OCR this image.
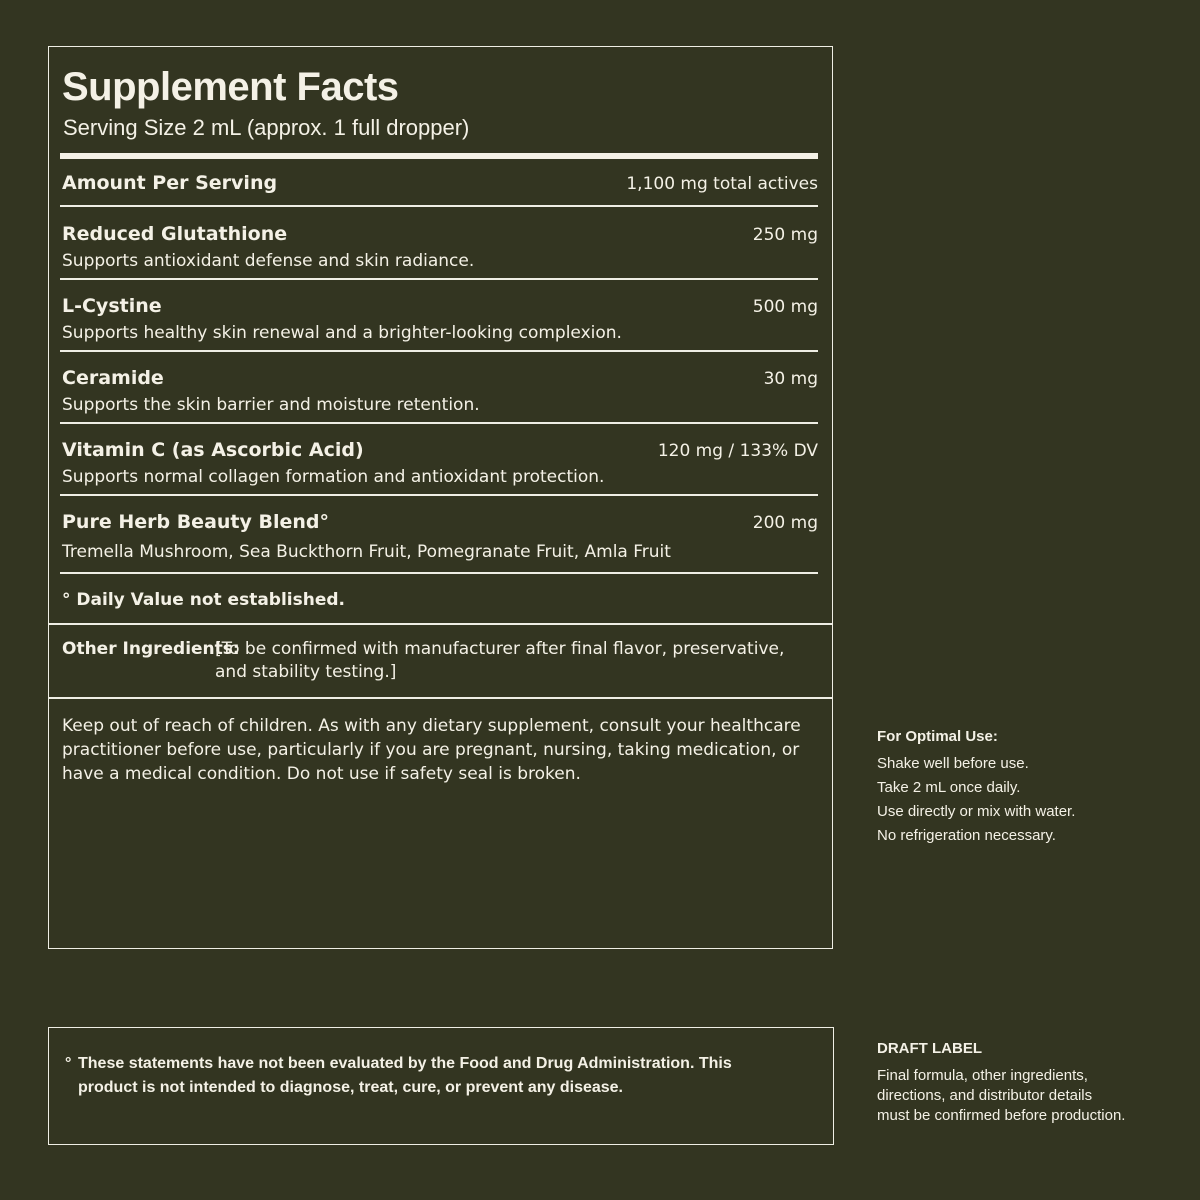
Supplement Facts
Serving Size 2 mL (approx. 1 full dropper)
Amount Per Serving	1,100 mg total actives
Reduced Glutathione	250 mg
Supports antioxidant defense and skin radiance.
L-Cystine	500 mg
Supports healthy skin renewal and a brighter-looking complexion.
Ceramide	30 mg
Supports the skin barrier and moisture retention.
Vitamin C (as Ascorbic Acid)	120 mg / 133% DV
Supports normal collagen formation and antioxidant protection.
Pure Herb Beauty Blend°	200 mg
Tremella Mushroom, Sea Buckthorn Fruit, Pomegranate Fruit, Amla Fruit
° Daily Value not established.
Other Ingredients:
[To be confirmed with manufacturer after final flavor, preservative, and stability testing.]
Keep out of reach of children. As with any dietary supplement, consult your healthcare practitioner before use, particularly if you are pregnant, nursing, taking medication, or have a medical condition. Do not use if safety seal is broken.
° These statements have not been evaluated by the Food and Drug Administration. This product is not intended to diagnose, treat, cure, or prevent any disease.
For Optimal Use:
Shake well before use.
Take 2 mL once daily.
Use directly or mix with water.
No refrigeration necessary.
DRAFT LABEL
Final formula, other ingredients, directions, and distributor details must be confirmed before production.
